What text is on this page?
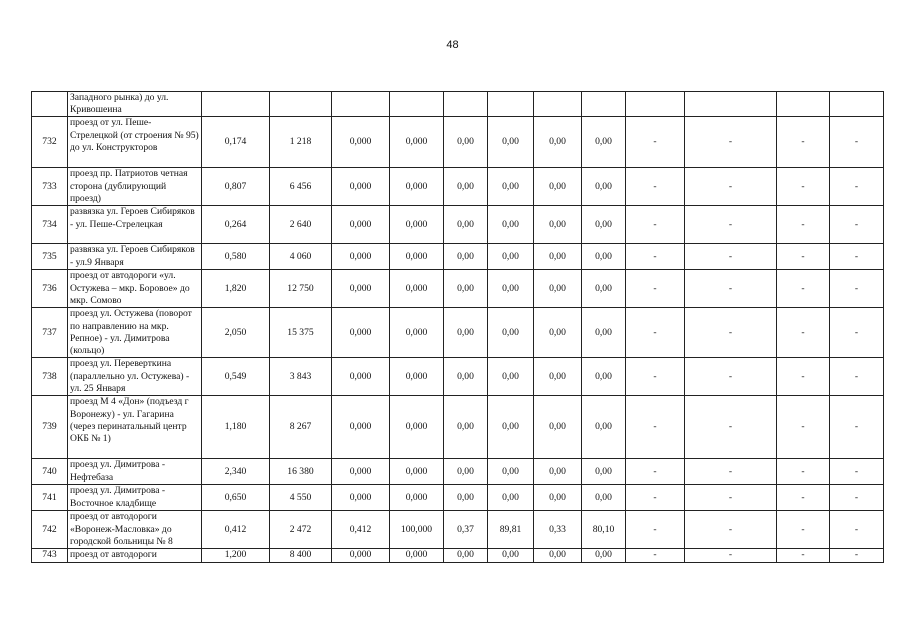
48
	Западного рынка) до ул. Кривошеина												
732	проезд от ул. Пеше-Стрелецкой (от строения № 95) до ул. Конструкторов	0,174	1 218	0,000	0,000	0,00	0,00	0,00	0,00	-	-	-	-
733	проезд пр. Патриотов четная сторона (дублирующий проезд)	0,807	6 456	0,000	0,000	0,00	0,00	0,00	0,00	-	-	-	-
734	развязка ул. Героев Сибиряков - ул. Пеше-Стрелецкая	0,264	2 640	0,000	0,000	0,00	0,00	0,00	0,00	-	-	-	-
735	развязка ул. Героев Сибиряков - ул.9 Января	0,580	4 060	0,000	0,000	0,00	0,00	0,00	0,00	-	-	-	-
736	проезд от автодороги «ул. Остужева – мкр. Боровое» до мкр. Сомово	1,820	12 750	0,000	0,000	0,00	0,00	0,00	0,00	-	-	-	-
737	проезд ул. Остужева (поворот по направлению на мкр. Репное) - ул. Димитрова (кольцо)	2,050	15 375	0,000	0,000	0,00	0,00	0,00	0,00	-	-	-	-
738	проезд ул. Переверткина (параллельно ул. Остужева) - ул. 25 Января	0,549	3 843	0,000	0,000	0,00	0,00	0,00	0,00	-	-	-	-
739	проезд М 4 «Дон» (подъезд г Воронежу) - ул. Гагарина (через перинатальный центр ОКБ № 1)	1,180	8 267	0,000	0,000	0,00	0,00	0,00	0,00	-	-	-	-
740	проезд ул. Димитрова - Нефтебаза	2,340	16 380	0,000	0,000	0,00	0,00	0,00	0,00	-	-	-	-
741	проезд ул. Димитрова - Восточное кладбище	0,650	4 550	0,000	0,000	0,00	0,00	0,00	0,00	-	-	-	-
742	проезд от автодороги «Воронеж-Масловка» до городской больницы № 8	0,412	2 472	0,412	100,000	0,37	89,81	0,33	80,10	-	-	-	-
743	проезд от автодороги	1,200	8 400	0,000	0,000	0,00	0,00	0,00	0,00	-	-	-	-
